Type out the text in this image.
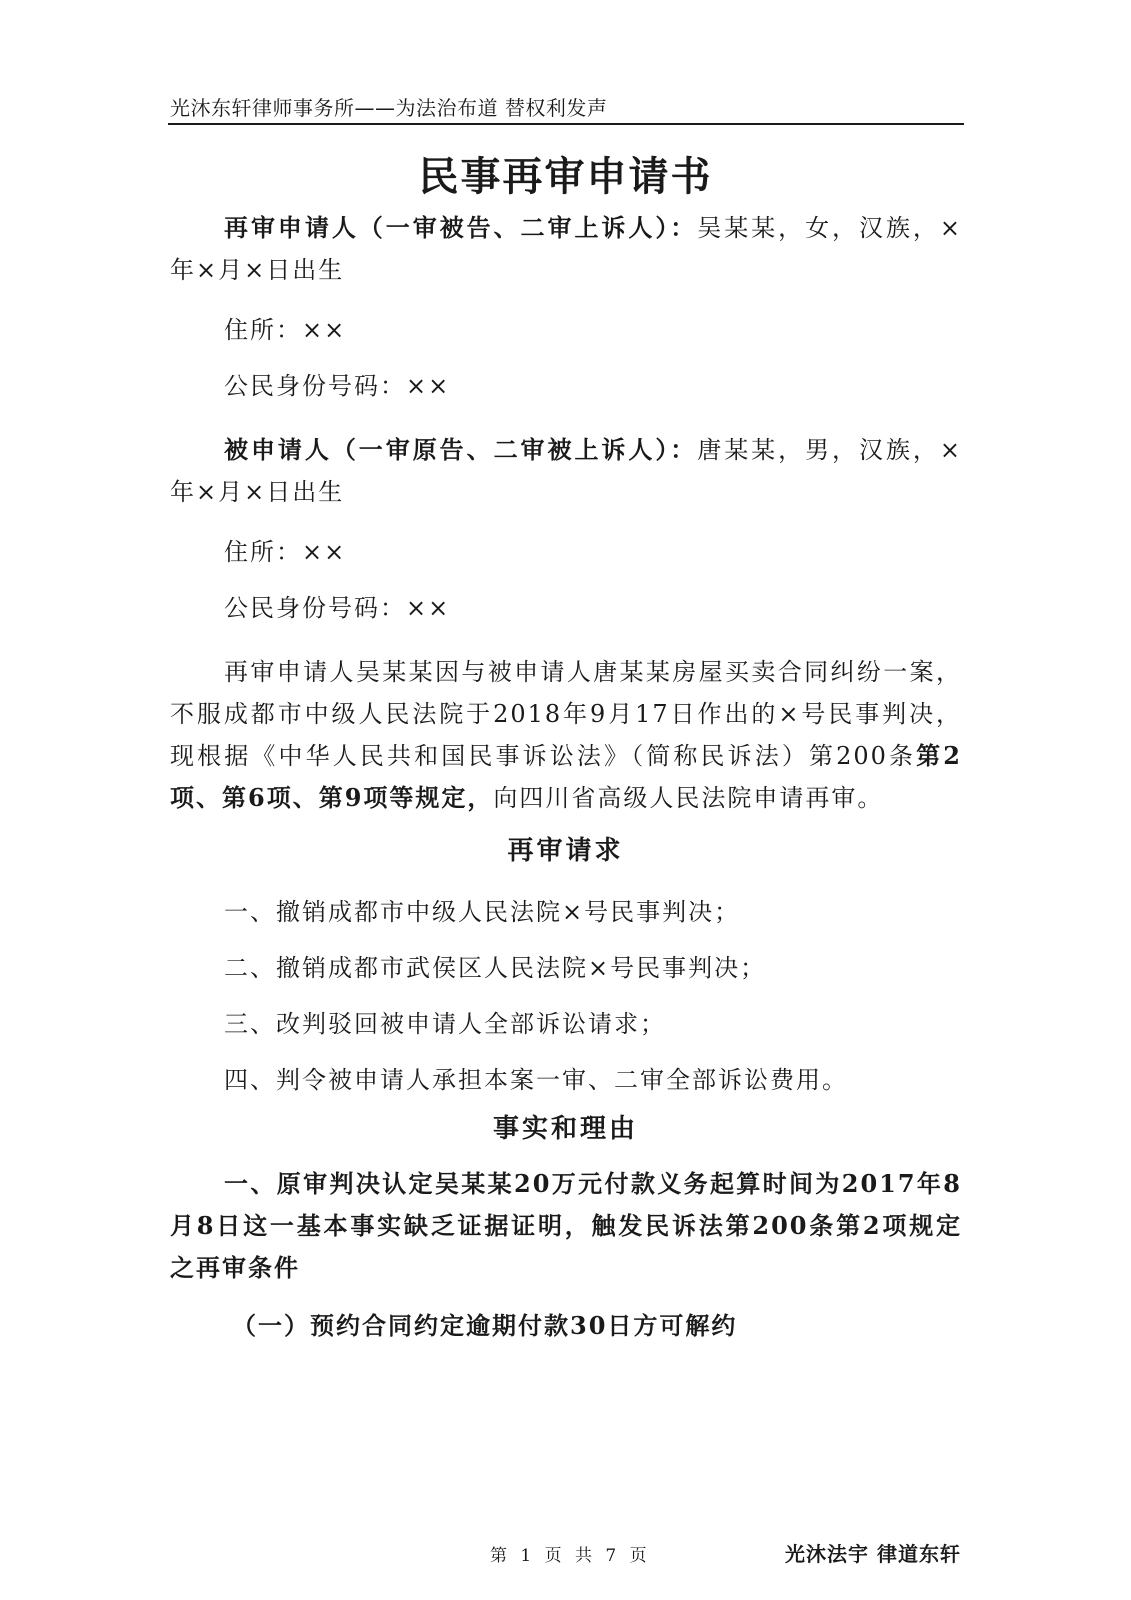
光沐东轩律师事务所——为法治布道 替权利发声
民事再审申请书

再审申请人（一审被告、二审上诉人）：吴某某，女，汉族，×年×月×日出生

住所：××
公民身份号码：××

被申请人（一审原告、二审被上诉人）：唐某某，男，汉族，×年×月×日出生

住所：××
公民身份号码：××

再审申请人吴某某因与被申请人唐某某房屋买卖合同纠纷一案，不服成都市中级人民法院于2018年9月17日作出的×号民事判决，现根据《中华人民共和国民事诉讼法》（简称民诉法）第200条第2项、第6项、第9项等规定，向四川省高级人民法院申请再审。

再审请求
一、撤销成都市中级人民法院×号民事判决；
二、撤销成都市武侯区人民法院×号民事判决；
三、改判驳回被申请人全部诉讼请求；
四、判令被申请人承担本案一审、二审全部诉讼费用。
事实和理由

一、原审判决认定吴某某20万元付款义务起算时间为2017年8月8日这一基本事实缺乏证据证明，触发民诉法第200条第2项规定之再审条件

（一）预约合同约定逾期付款30日方可解约
第 1 页 共 7 页	光沐法宇 律道东轩
